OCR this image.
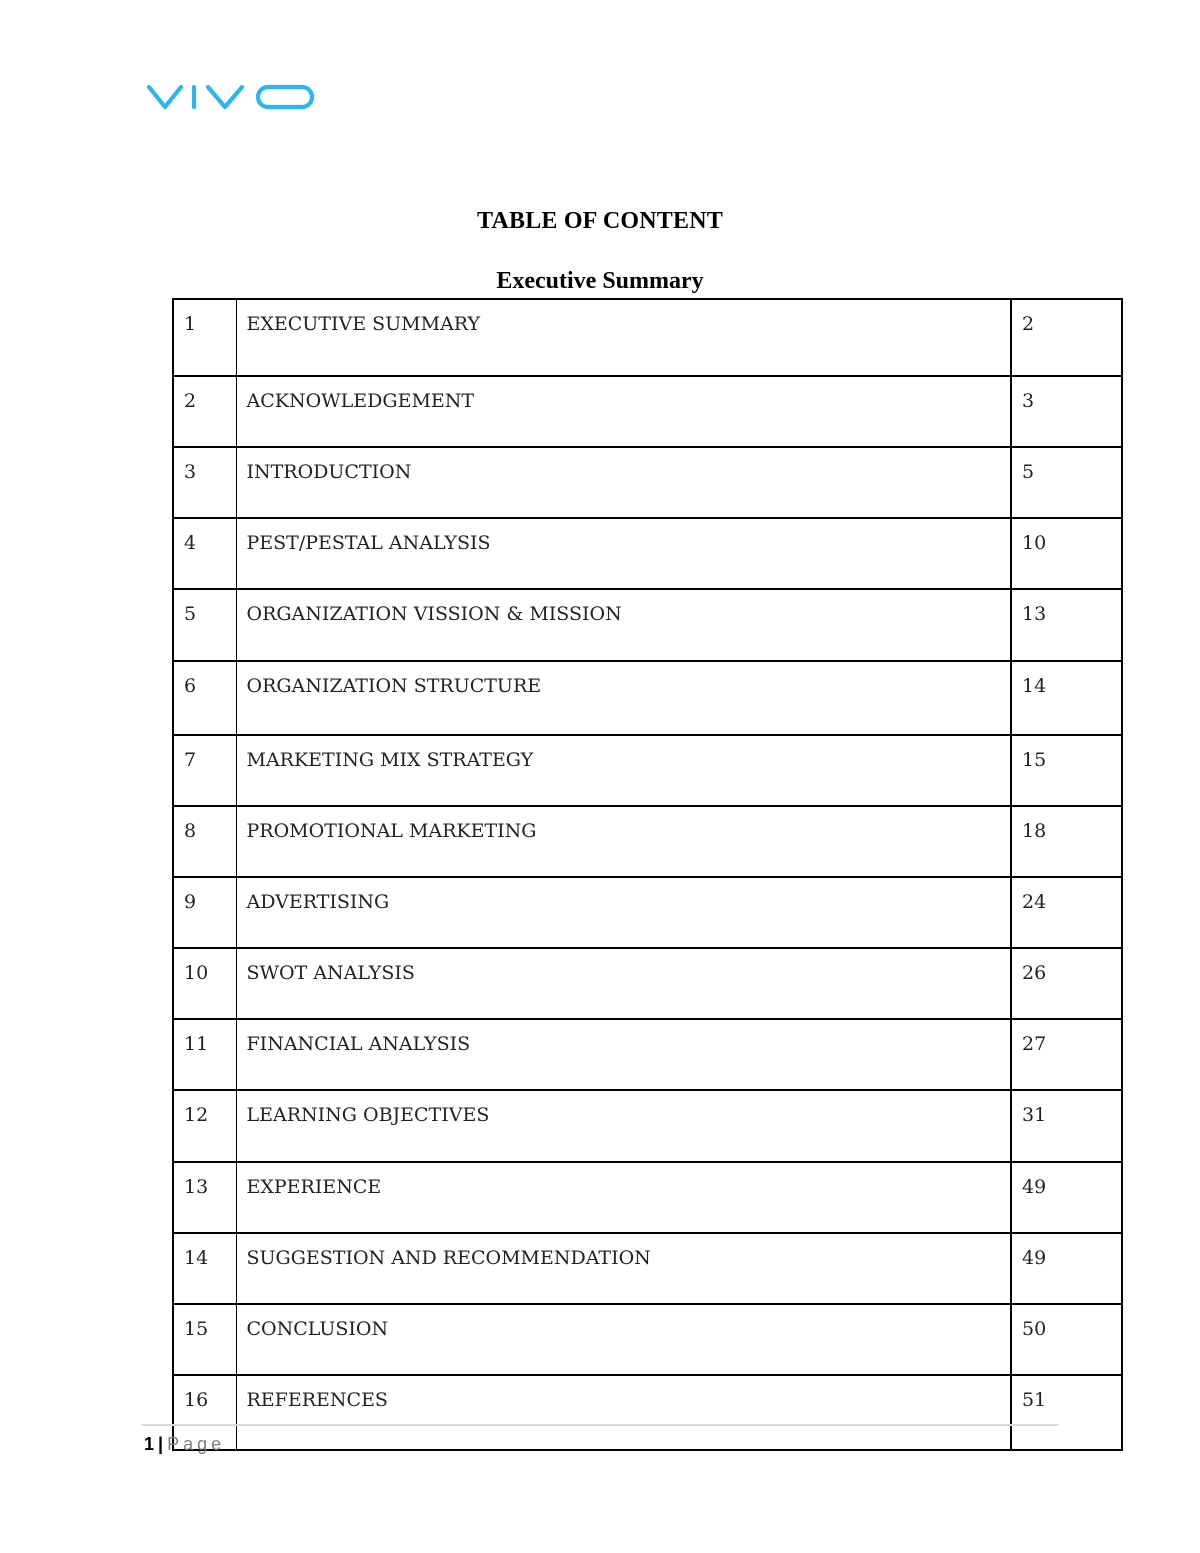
TABLE OF CONTENT
Executive Summary
1	EXECUTIVE SUMMARY	2
2	ACKNOWLEDGEMENT	3
3	INTRODUCTION	5
4	PEST/PESTAL ANALYSIS	10
5	ORGANIZATION VISSION & MISSION	13
6	ORGANIZATION STRUCTURE	14
7	MARKETING MIX STRATEGY	15
8	PROMOTIONAL MARKETING	18
9	ADVERTISING	24
10	SWOT ANALYSIS	26
11	FINANCIAL ANALYSIS	27
12	LEARNING OBJECTIVES	31
13	EXPERIENCE	49
14	SUGGESTION AND RECOMMENDATION	49
15	CONCLUSION	50
16	REFERENCES	51
1 | Page
